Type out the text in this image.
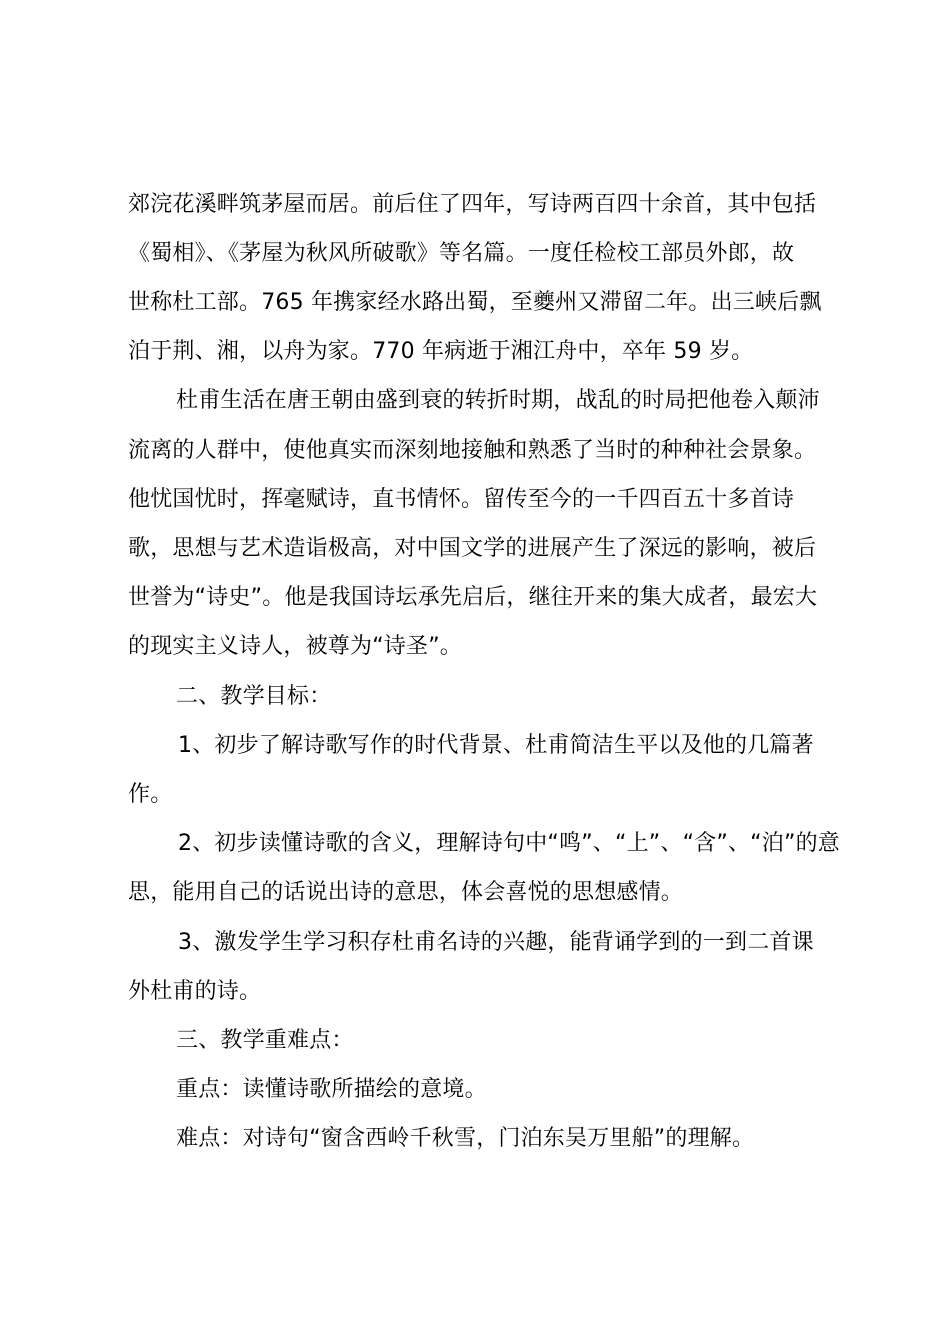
郊浣花溪畔筑茅屋而居。前后住了四年，写诗两百四十余首，其中包括
《蜀相》、《茅屋为秋风所破歌》等名篇。一度任检校工部员外郎，故
世称杜工部。765 年携家经水路出蜀，至夔州又滞留二年。出三峡后飘
泊于荆、湘，以舟为家。770 年病逝于湘江舟中，卒年 59 岁。
杜甫生活在唐王朝由盛到衰的转折时期，战乱的时局把他卷入颠沛
流离的人群中，使他真实而深刻地接触和熟悉了当时的种种社会景象。
他忧国忧时，挥毫赋诗，直书情怀。留传至今的一千四百五十多首诗
歌，思想与艺术造诣极高，对中国文学的进展产生了深远的影响，被后
世誉为“诗史”。他是我国诗坛承先启后，继往开来的集大成者，最宏大
的现实主义诗人，被尊为“诗圣”。
二、教学目标：
1、初步了解诗歌写作的时代背景、杜甫简洁生平以及他的几篇著
作。
2、初步读懂诗歌的含义，理解诗句中“鸣”、“上”、“含”、“泊”的意
思，能用自己的话说出诗的意思，体会喜悦的思想感情。
3、激发学生学习积存杜甫名诗的兴趣，能背诵学到的一到二首课
外杜甫的诗。
三、教学重难点：
重点：读懂诗歌所描绘的意境。
难点：对诗句“窗含西岭千秋雪，门泊东吴万里船”的理解。
